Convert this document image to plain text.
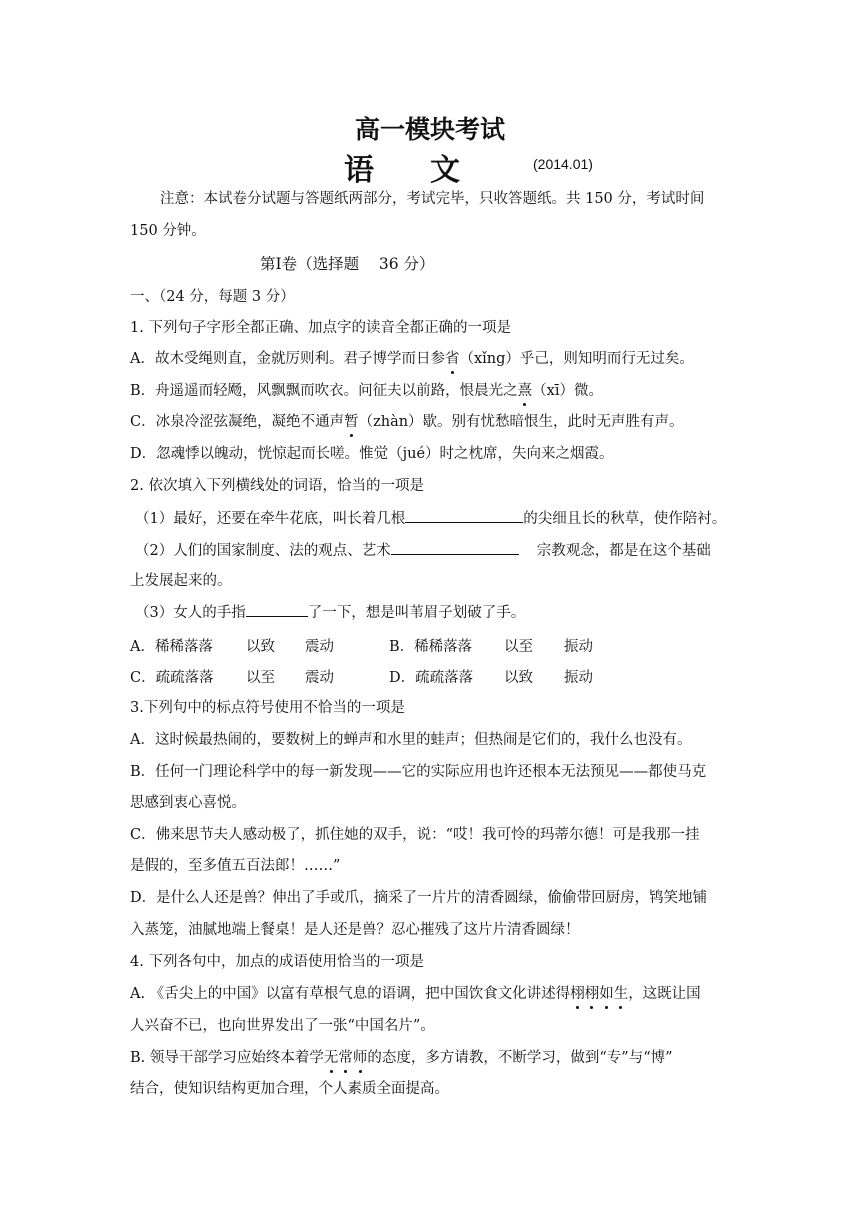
高一模块考试
语 文	(2014.01)
注意：本试卷分试题与答题纸两部分，考试完毕，只收答题纸。共 150 分，考试时间
150 分钟。
第Ⅰ卷（选择题    36 分）
一、（24 分，每题 3 分）
1. 下列句子字形全都正确、加点字的读音全都正确的一项是
A．故木受绳则直，金就厉则利。君子博学而日参省（xǐng）乎己，则知明而行无过矣。
B．舟遥遥而轻飏，风飘飘而吹衣。问征夫以前路，恨晨光之熹（xī）微。
C．冰泉冷涩弦凝绝，凝绝不通声暂（zhàn）歇。别有忧愁暗恨生，此时无声胜有声。
D．忽魂悸以魄动，恍惊起而长嗟。惟觉（jué）时之枕席，失向来之烟霞。
2. 依次填入下列横线处的词语，恰当的一项是
（1）最好，还要在牵牛花底，叫长着几根	的尖细且长的秋草，使作陪衬。
（2）人们的国家制度、法的观点、艺术	宗教观念，都是在这个基础
上发展起来的。
（3）女人的手指	了一下，想是叫苇眉子划破了手。
A．稀稀落落 以致 震动	B．稀稀落落 以至 振动
C．疏疏落落 以至 震动	D．疏疏落落 以致 振动
3.下列句中的标点符号使用不恰当的一项是
A．这时候最热闹的，要数树上的蝉声和水里的蛙声；但热闹是它们的，我什么也没有。
B．任何一门理论科学中的每一新发现——它的实际应用也许还根本无法预见——都使马克
思感到衷心喜悦。
C．佛来思节夫人感动极了，抓住她的双手，说：“哎！我可怜的玛蒂尔德！可是我那一挂
是假的，至多值五百法郎！……”
D．是什么人还是兽？伸出了手或爪，摘采了一片片的清香圆绿，偷偷带回厨房，鸨笑地铺
入蒸笼，油腻地端上餐桌！是人还是兽？忍心摧残了这片片清香圆绿！
4. 下列各句中，加点的成语使用恰当的一项是
A. 《舌尖上的中国》以富有草根气息的语调，把中国饮食文化讲述得栩栩如生，这既让国
人兴奋不已，也向世界发出了一张“中国名片”。
B. 领导干部学习应始终本着学无常师的态度，多方请教，不断学习，做到“专”与“博”
结合，使知识结构更加合理，个人素质全面提高。
